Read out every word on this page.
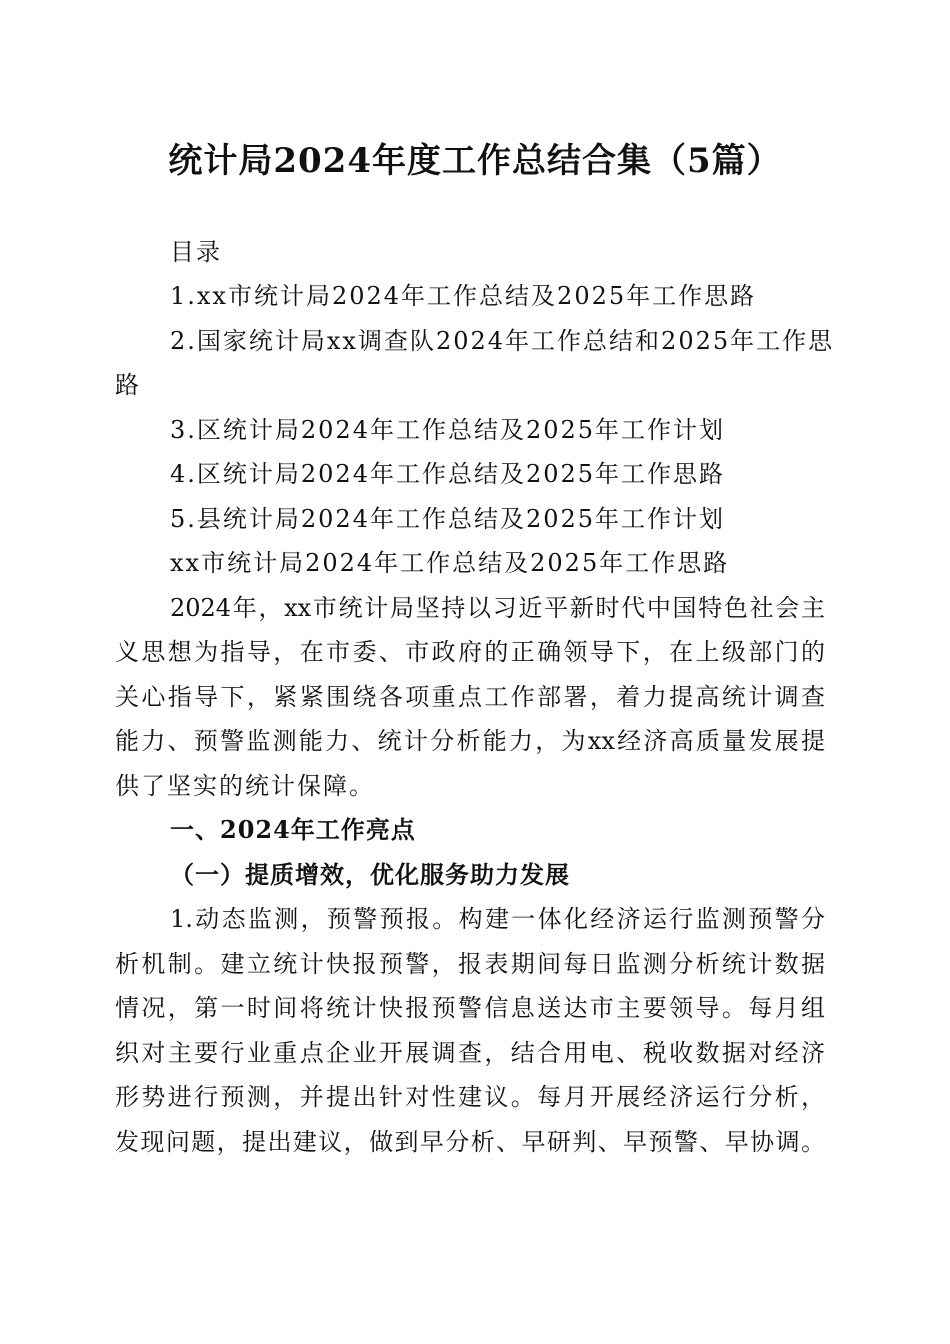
统计局2024年度工作总结合集（5篇）
目录
1.xx市统计局2024年工作总结及2025年工作思路
2.国家统计局xx调查队2024年工作总结和2025年工作思
路
3.区统计局2024年工作总结及2025年工作计划
4.区统计局2024年工作总结及2025年工作思路
5.县统计局2024年工作总结及2025年工作计划
xx市统计局2024年工作总结及2025年工作思路
2024年，xx市统计局坚持以习近平新时代中国特色社会主
义思想为指导，在市委、市政府的正确领导下，在上级部门的
关心指导下，紧紧围绕各项重点工作部署，着力提高统计调查
能力、预警监测能力、统计分析能力，为xx经济高质量发展提
供了坚实的统计保障。
一、2024年工作亮点
（一）提质增效，优化服务助力发展
1.动态监测，预警预报。构建一体化经济运行监测预警分
析机制。建立统计快报预警，报表期间每日监测分析统计数据
情况，第一时间将统计快报预警信息送达市主要领导。每月组
织对主要行业重点企业开展调查，结合用电、税收数据对经济
形势进行预测，并提出针对性建议。每月开展经济运行分析，
发现问题，提出建议，做到早分析、早研判、早预警、早协调。
